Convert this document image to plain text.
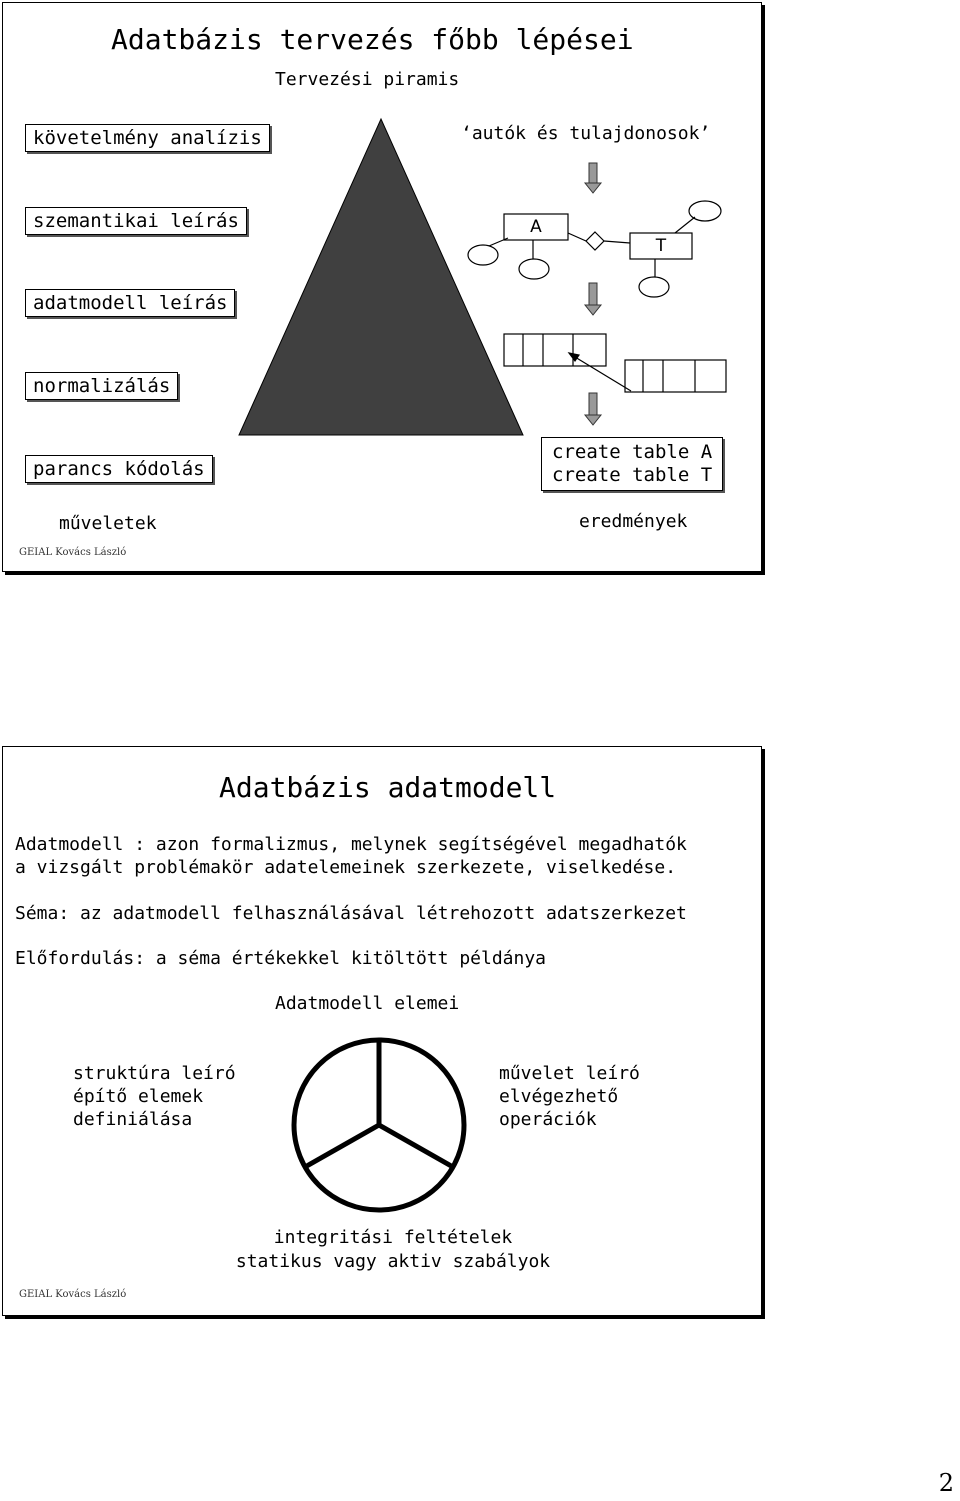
Adatbázis tervezés főbb lépései
Tervezési piramis
követelmény analízis
szemantikai leírás
adatmodell leírás
normalizálás
parancs kódolás
műveletek
‘autók és tulajdonosok’
A
T
create table A
create table T
eredmények
GEIAL Kovács László
Adatbázis adatmodell
Adatmodell : azon formalizmus, melynek segítségével megadhatók
a vizsgált problémakör adatelemeinek szerkezete, viselkedése.
Séma: az adatmodell felhasználásával létrehozott adatszerkezet
Előfordulás: a séma értékekkel kitöltött példánya
Adatmodell elemei
struktúra leíró
építő elemek
definiálása
művelet leíró
elvégezhető
operációk
integritási feltételek
statikus vagy aktiv szabályok
GEIAL Kovács László
2
